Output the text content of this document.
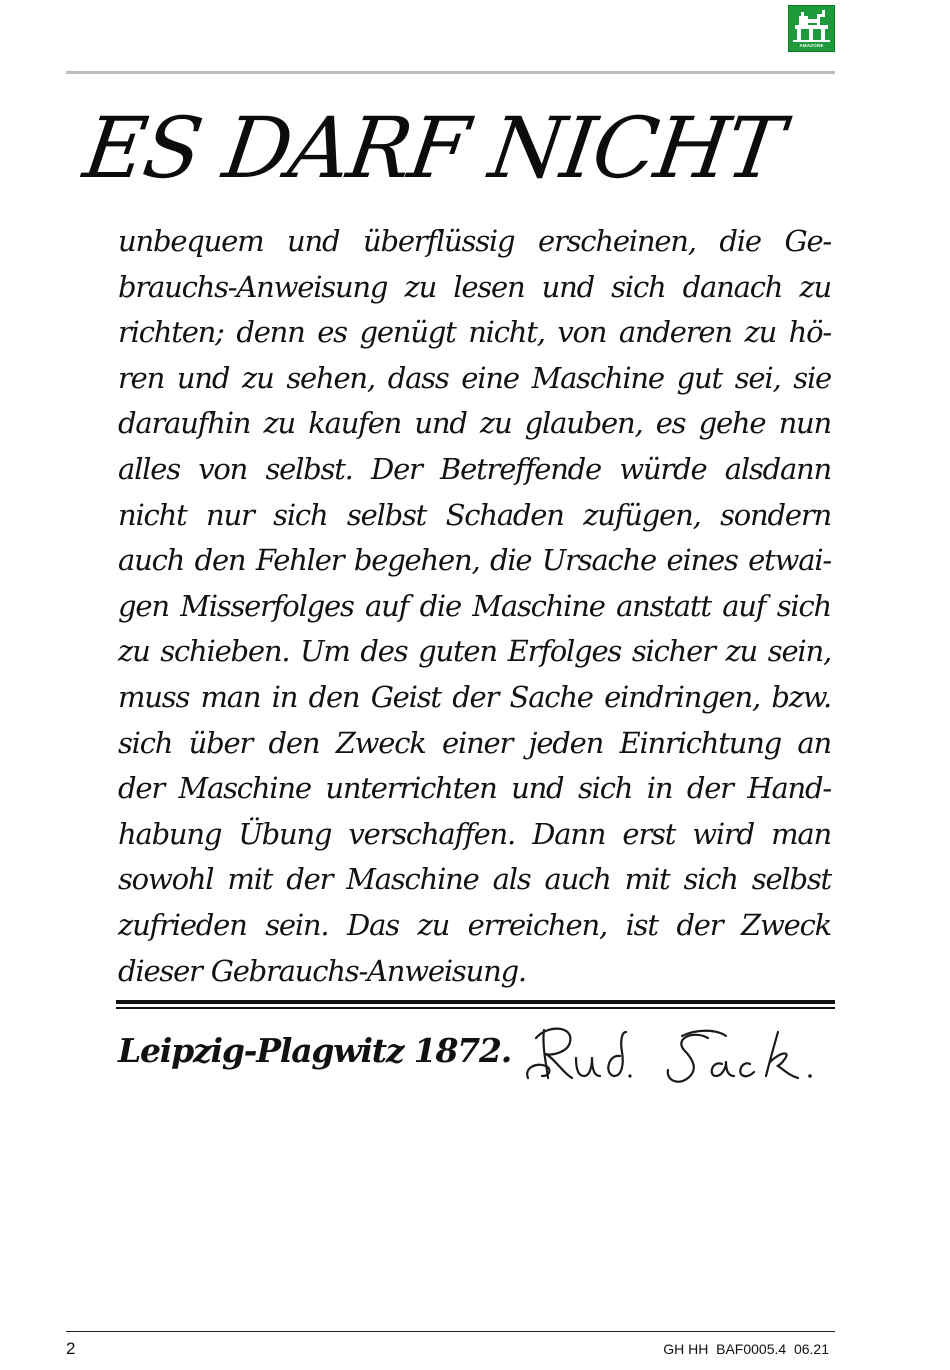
AMAZONE
ES DARF NICHT
unbequem und überflüssig erscheinen, die Ge-
brauchs-Anweisung zu lesen und sich danach zu
richten; denn es genügt nicht, von anderen zu hö-
ren und zu sehen, dass eine Maschine gut sei, sie
daraufhin zu kaufen und zu glauben, es gehe nun
alles von selbst. Der Betreffende würde alsdann
nicht nur sich selbst Schaden zufügen, sondern
auch den Fehler begehen, die Ursache eines etwai-
gen Misserfolges auf die Maschine anstatt auf sich
zu schieben. Um des guten Erfolges sicher zu sein,
muss man in den Geist der Sache eindringen, bzw.
sich über den Zweck einer jeden Einrichtung an
der Maschine unterrichten und sich in der Hand-
habung Übung verschaffen. Dann erst wird man
sowohl mit der Maschine als auch mit sich selbst
zufrieden sein. Das zu erreichen, ist der Zweck
dieser Gebrauchs-Anweisung.
Leipzig-Plagwitz 1872.
2	GH HH  BAF0005.4  06.21
